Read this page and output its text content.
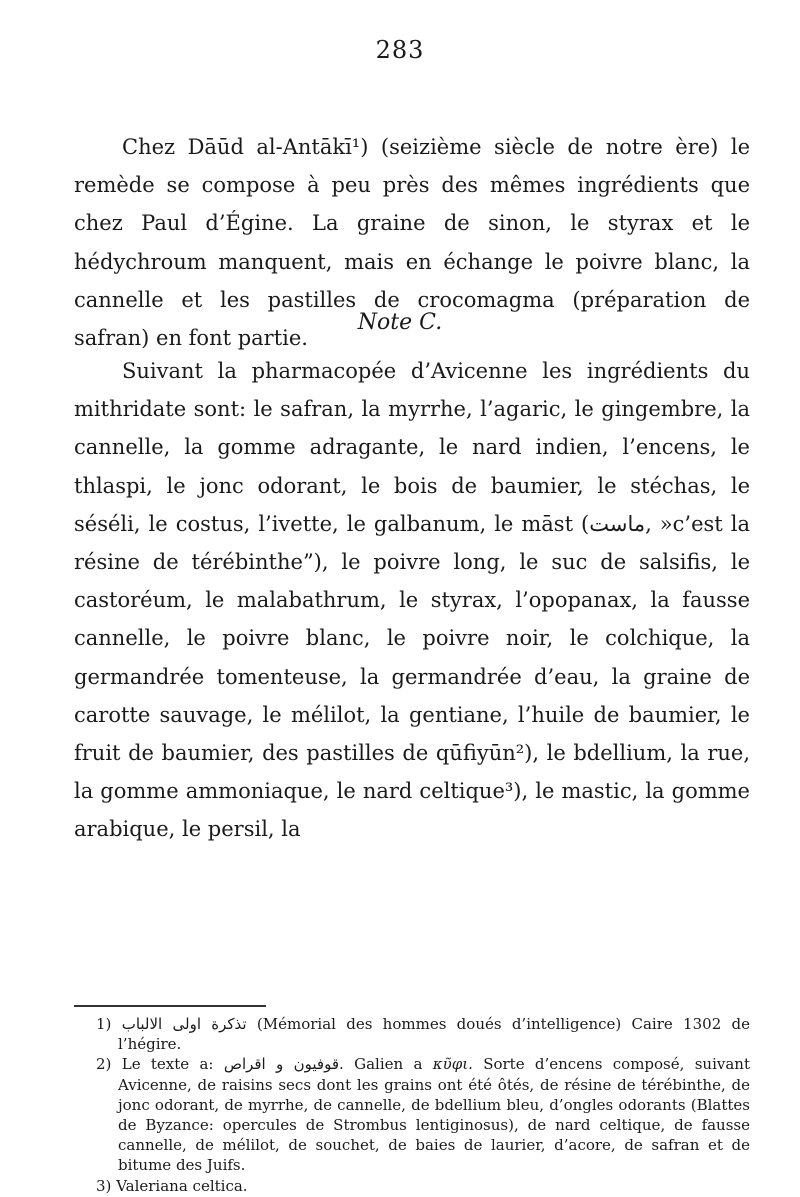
283

Chez Dāūd al-Antākī¹) (seizième siècle de notre ère) le remède se compose à peu près des mêmes ingrédients que chez Paul d’Égine. La graine de sinon, le styrax et le hédychroum manquent, mais en échange le poivre blanc, la cannelle et les pastilles de crocomagma (préparation de safran) en font partie.

Note C.

Suivant la pharmacopée d’Avicenne les ingrédients du mithridate sont: le safran, la myrrhe, l’agaric, le gingembre, la cannelle, la gomme adragante, le nard indien, l’encens, le thlaspi, le jonc odorant, le bois de baumier, le stéchas, le séséli, le costus, l’ivette, le galbanum, le māst (ماست, »c’est la résine de térébinthe”), le poivre long, le suc de salsifis, le castoréum, le malabathrum, le styrax, l’opopanax, la fausse cannelle, le poivre blanc, le poivre noir, le colchique, la germandrée tomenteuse, la germandrée d’eau, la graine de carotte sauvage, le mélilot, la gentiane, l’huile de baumier, le fruit de baumier, des pastilles de qūfiyūn²), le bdellium, la rue, la gomme ammoniaque, le nard celtique³), le mastic, la gomme arabique, le persil, la

1) تذكرة اولى الالباب (Mémorial des hommes doués d’intelligence) Caire 1302 de l’hégire.

2) Le texte a: قوفيون و اقراص. Galien a κῦφι. Sorte d’encens composé, suivant Avicenne, de raisins secs dont les grains ont été ôtés, de résine de térébinthe, de jonc odorant, de myrrhe, de cannelle, de bdellium bleu, d’ongles odorants (Blattes de Byzance: opercules de Strombus lentiginosus), de nard celtique, de fausse cannelle, de mélilot, de souchet, de baies de laurier, d’acore, de safran et de bitume des Juifs.

3) Valeriana celtica.
